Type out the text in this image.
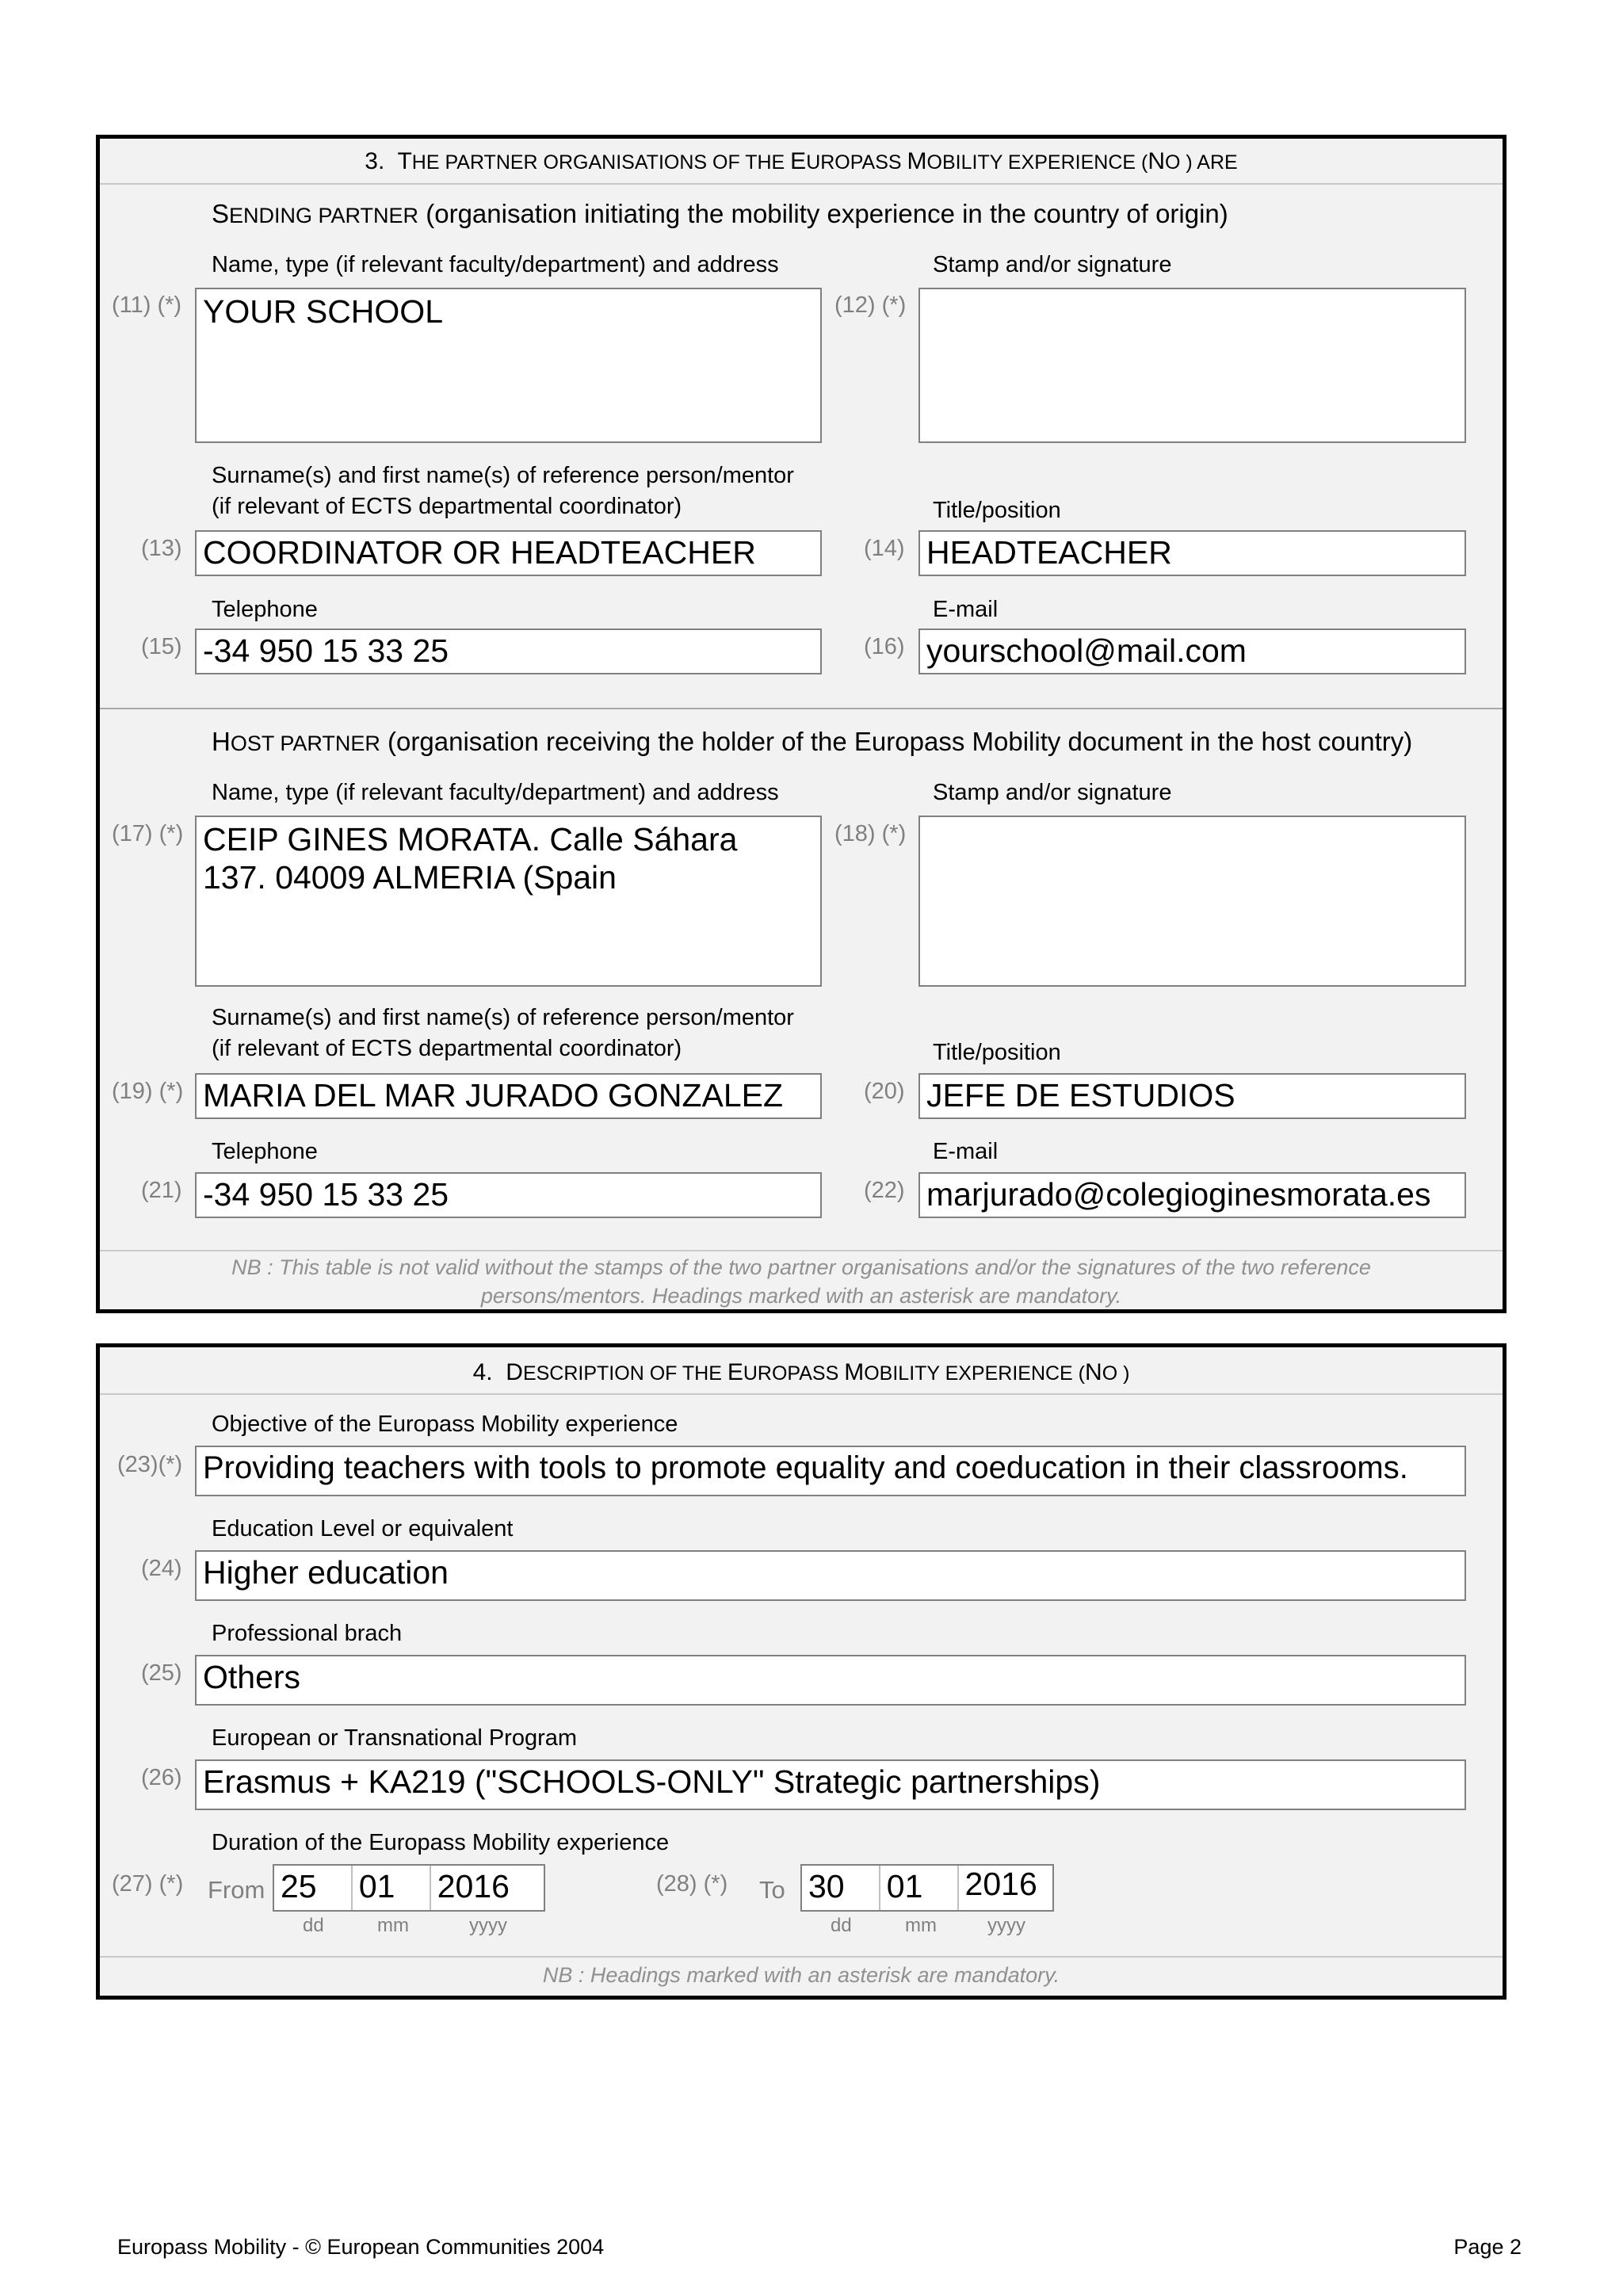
3. THE PARTNER ORGANISATIONS OF THE EUROPASS MOBILITY EXPERIENCE (NO ) ARE
SENDING PARTNER (organisation initiating the mobility experience in the country of origin)
Name, type (if relevant faculty/department) and address	Stamp and/or signature
(11) (*) YOUR SCHOOL	(12) (*)
Surname(s) and first name(s) of reference person/mentor
(if relevant of ECTS departmental coordinator)	Title/position
(13) COORDINATOR OR HEADTEACHER	(14) HEADTEACHER
Telephone	E-mail
(15) -34 950 15 33 25	(16) yourschool@mail.com
HOST PARTNER (organisation receiving the holder of the Europass Mobility document in the host country)
Name, type (if relevant faculty/department) and address	Stamp and/or signature
(17) (*) CEIP GINES MORATA. Calle Sáhara
137. 04009 ALMERIA (Spain
(18) (*)
Surname(s) and first name(s) of reference person/mentor
(if relevant of ECTS departmental coordinator)	Title/position
(19) (*) MARIA DEL MAR JURADO GONZALEZ	(20) JEFE DE ESTUDIOS
Telephone	E-mail
(21) -34 950 15 33 25	(22) marjurado@colegioginesmorata.es
NB : This table is not valid without the stamps of the two partner organisations and/or the signatures of the two reference
persons/mentors. Headings marked with an asterisk are mandatory.
4. DESCRIPTION OF THE EUROPASS MOBILITY EXPERIENCE (NO )
Objective of the Europass Mobility experience
(23)(*) Providing teachers with tools to promote equality and coeducation in their classrooms.
Education Level or equivalent
(24) Higher education
Professional brach
(25) Others
European or Transnational Program
(26) Erasmus + KA219 ("SCHOOLS-ONLY" Strategic partnerships)
Duration of the Europass Mobility experience
(27) (*) From 25	01	2016
dd	mm	yyyy
(28) (*) To 30	01	2016
dd	mm	yyyy
NB : Headings marked with an asterisk are mandatory.
Europass Mobility - © European Communities 2004	Page 2
